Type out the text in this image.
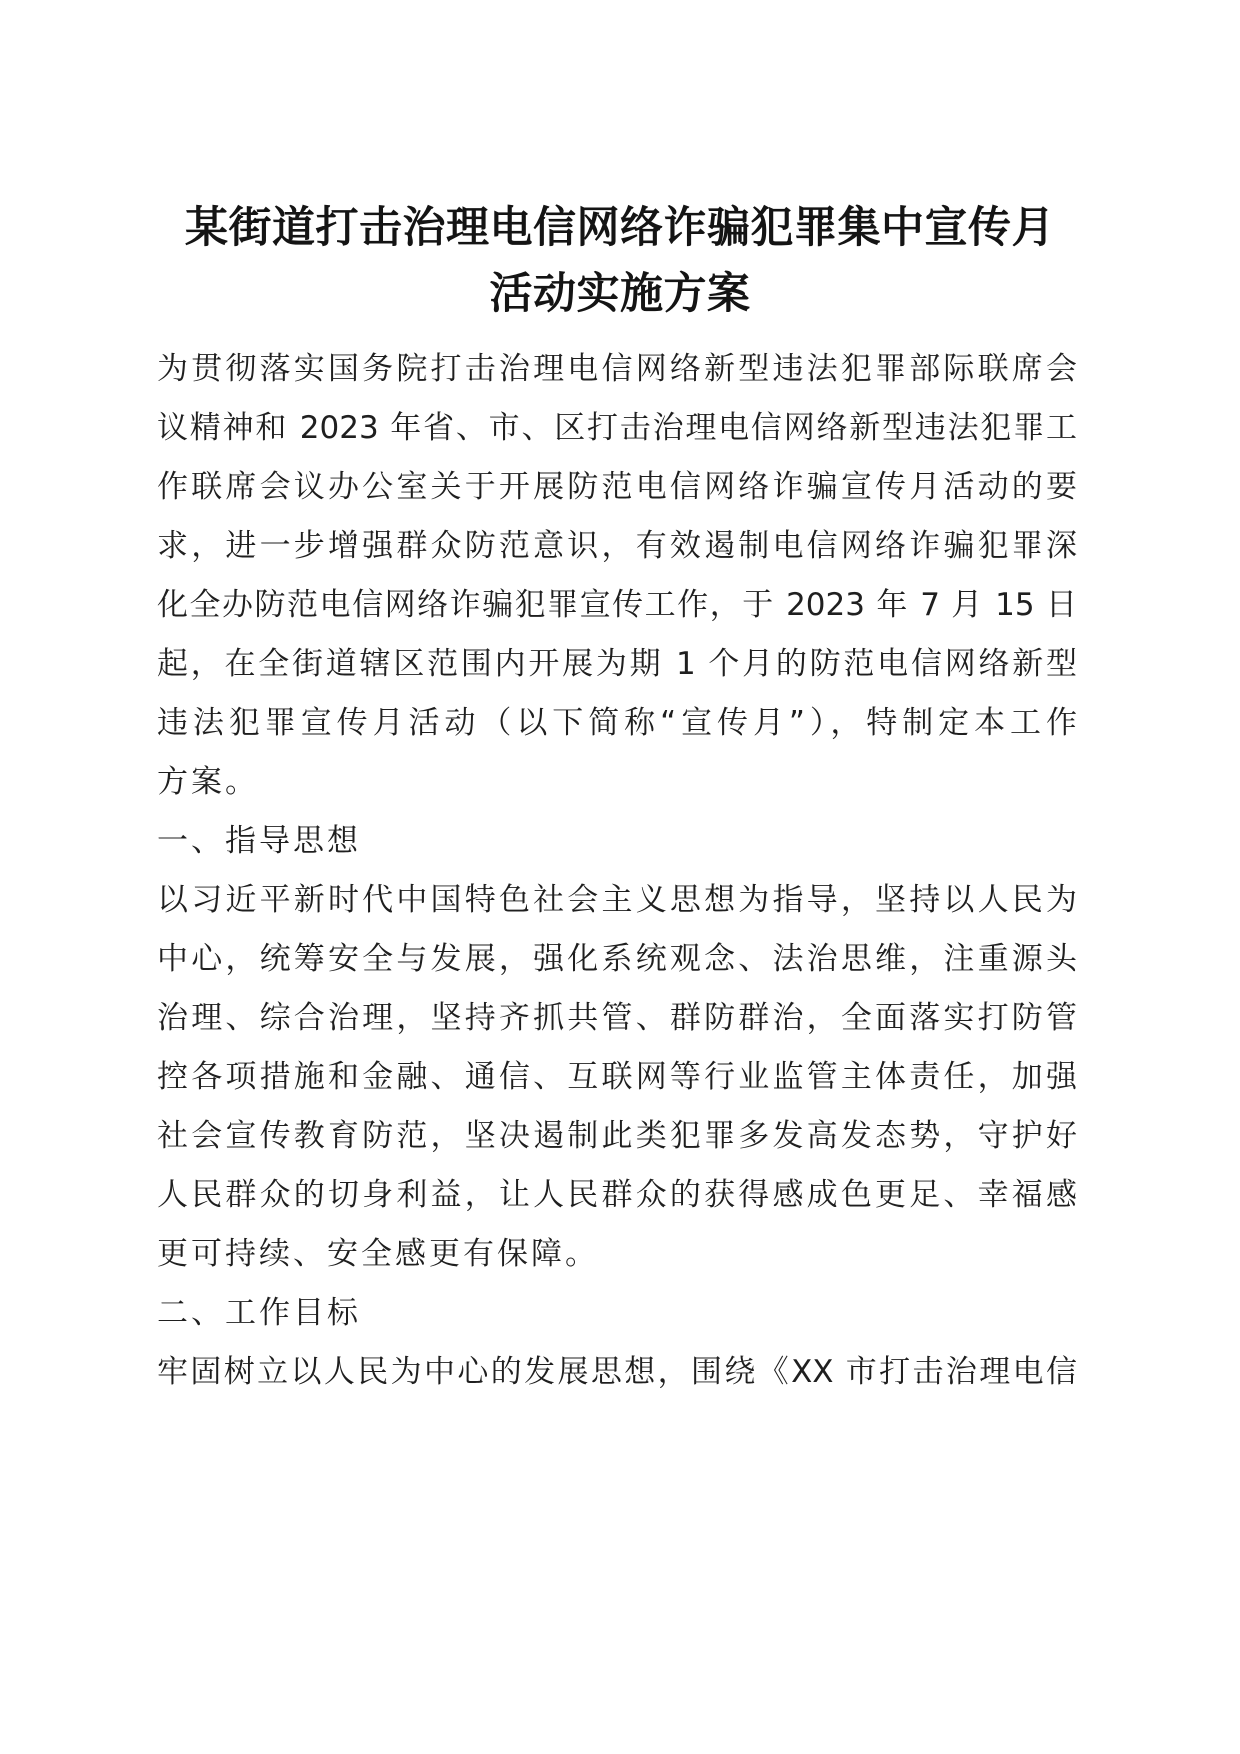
某街道打击治理电信网络诈骗犯罪集中宣传月
活动实施方案
为贯彻落实国务院打击治理电信网络新型违法犯罪部际联席会
议精神和 2023 年省、市、区打击治理电信网络新型违法犯罪工
作联席会议办公室关于开展防范电信网络诈骗宣传月活动的要
求，进一步增强群众防范意识，有效遏制电信网络诈骗犯罪深
化全办防范电信网络诈骗犯罪宣传工作，于 2023 年 7 月 15 日
起，在全街道辖区范围内开展为期 1 个月的防范电信网络新型
违法犯罪宣传月活动（以下简称“宣传月”），特制定本工作
方案。
一、指导思想
以习近平新时代中国特色社会主义思想为指导，坚持以人民为
中心，统筹安全与发展，强化系统观念、法治思维，注重源头
治理、综合治理，坚持齐抓共管、群防群治，全面落实打防管
控各项措施和金融、通信、互联网等行业监管主体责任，加强
社会宣传教育防范，坚决遏制此类犯罪多发高发态势，守护好
人民群众的切身利益，让人民群众的获得感成色更足、幸福感
更可持续、安全感更有保障。
二、工作目标
牢固树立以人民为中心的发展思想，围绕《XX 市打击治理电信
